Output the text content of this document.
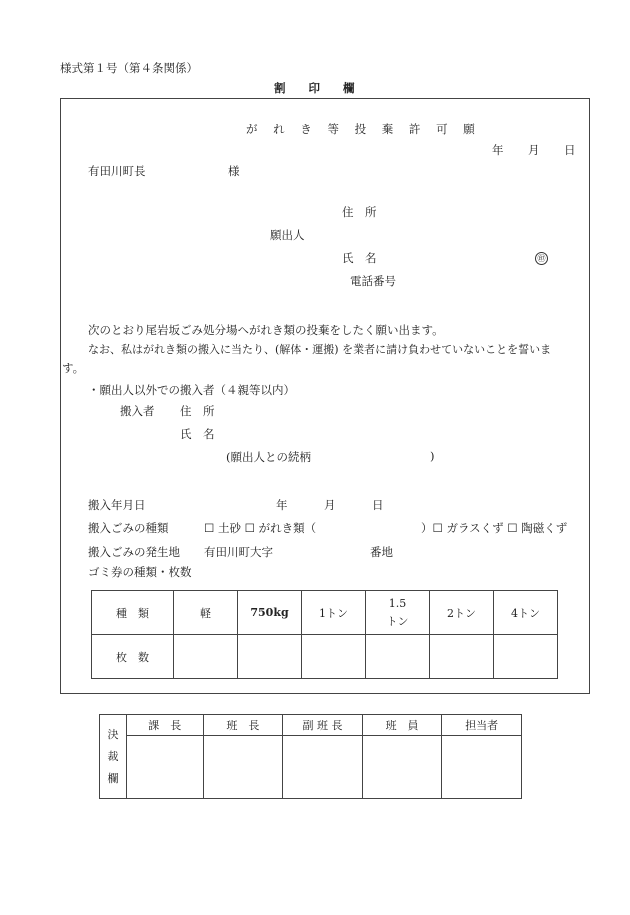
様式第１号（第４条関係）
割　　印　　欄
が れ き 等 投 棄 許 可 願
年 月 日
有田川町長	様
住　所
願出人
氏　名	㊞
電話番号
次のとおり尾岩坂ごみ処分場へがれき類の投棄をしたく願い出ます。
なお、私はがれき類の搬入に当たり、(解体・運搬) を業者に請け負わせていないことを誓いま
す。
・願出人以外での搬入者（４親等以内）
搬入者 住　所
氏　名
(願出人との続柄	)
搬入年月日	年	月	日
搬入ごみの種類	☐ 土砂 ☐ がれき類（	）☐ ガラスくず ☐ 陶磁くず
搬入ごみの発生地 有田川町大字	番地
ゴミ券の種類・枚数
種　類	軽	750kg	1トン	1.5
トン	2トン	4トン
枚　数						
決
裁
欄	課　長	班　長	副 班 長	班　員	担当者
